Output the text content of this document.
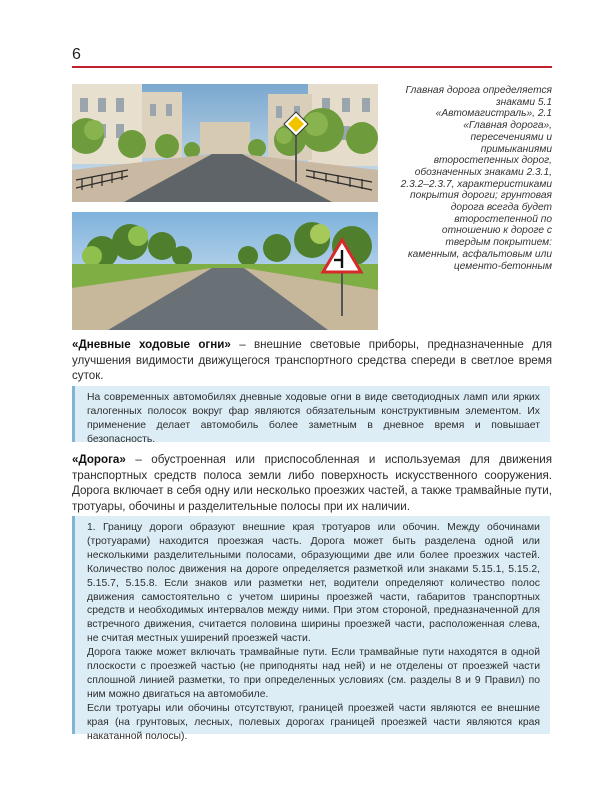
6
Главная дорога определяется знаками 5.1 «Автомагистраль», 2.1 «Главная дорога», пересечениями и примыканиями второстепенных дорог, обозначенных знаками 2.3.1, 2.3.2–2.3.7, характеристиками покрытия дороги; грунтовая дорога всегда будет второстепенной по отношению к дороге с твердым покрытием: каменным, асфальтовым или цементо-бетонным
«Дневные ходовые огни» – внешние световые приборы, предназначенные для улучшения видимости движущегося транспортного средства спереди в светлое время суток.
На современных автомобилях дневные ходовые огни в виде светодиодных ламп или ярких галогенных полосок вокруг фар являются обязательным конструктивным элементом. Их применение делает автомобиль более заметным в дневное время и повышает безопасность.
«Дорога» – обустроенная или приспособленная и используемая для движения транспортных средств полоса земли либо поверхность искусственного сооружения. Дорога включает в себя одну или несколько проезжих частей, а также трамвайные пути, тротуары, обочины и разделительные полосы при их наличии.

1. Границу дороги образуют внешние края тротуаров или обочин. Между обочинами (тротуарами) находится проезжая часть. Дорога может быть разделена одной или несколькими разделительными полосами, образующими две или более проезжих частей. Количество полос движения на дороге определяется разметкой или знаками 5.15.1, 5.15.2, 5.15.7, 5.15.8. Если знаков или разметки нет, водители определяют количество полос движения самостоятельно с учетом ширины проезжей части, габаритов транспортных средств и необходимых интервалов между ними. При этом стороной, предназначенной для встречного движения, считается половина ширины проезжей части, расположенная слева, не считая местных уширений проезжей части.

Дорога также может включать трамвайные пути. Если трамвайные пути находятся в одной плоскости с проезжей частью (не приподняты над ней) и не отделены от проезжей части сплошной линией разметки, то при определенных условиях (см. разделы 8 и 9 Правил) по ним можно двигаться на автомобиле.

Если тротуары или обочины отсутствуют, границей проезжей части являются ее внешние края (на грунтовых, лесных, полевых дорогах границей проезжей части являются края накатанной полосы).
